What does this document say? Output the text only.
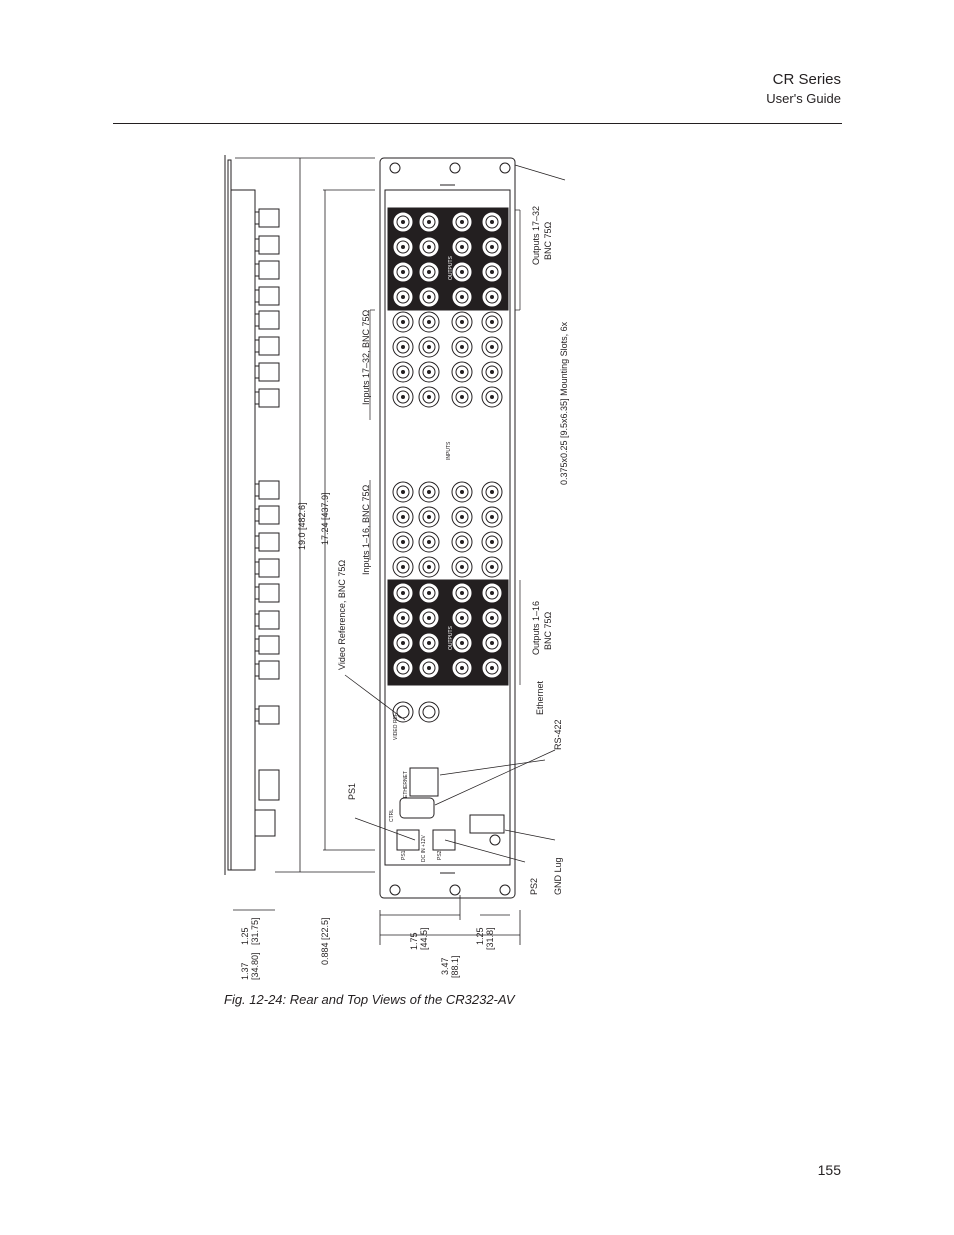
CR Series
User's Guide
Outputs 17–32 BNC 75Ω
0.375x0.25 [9.5x6.35] Mounting Slots, 6x
Outputs 1–16 BNC 75Ω
Ethernet
RS-422
PS2 GND Lug
Inputs 17–32, BNC 75Ω
Inputs 1–16, BNC 75Ω
Video Reference, BNC 75Ω
PS1
19.0 [482.6] 17.24 [437.9]
0.884 [22.5]	1.75 [44.5]	1.25 [31.8]
3.47 [88.1]
1.37 [34.80]
1.25 [31.75]
OUTPUTS
OUTPUTS
INPUTS
ETHERNET
VIDEO REF
PS1	PS2
DC IN +12V
CTRL
Fig. 12-24: Rear and Top Views of the CR3232-AV
155
